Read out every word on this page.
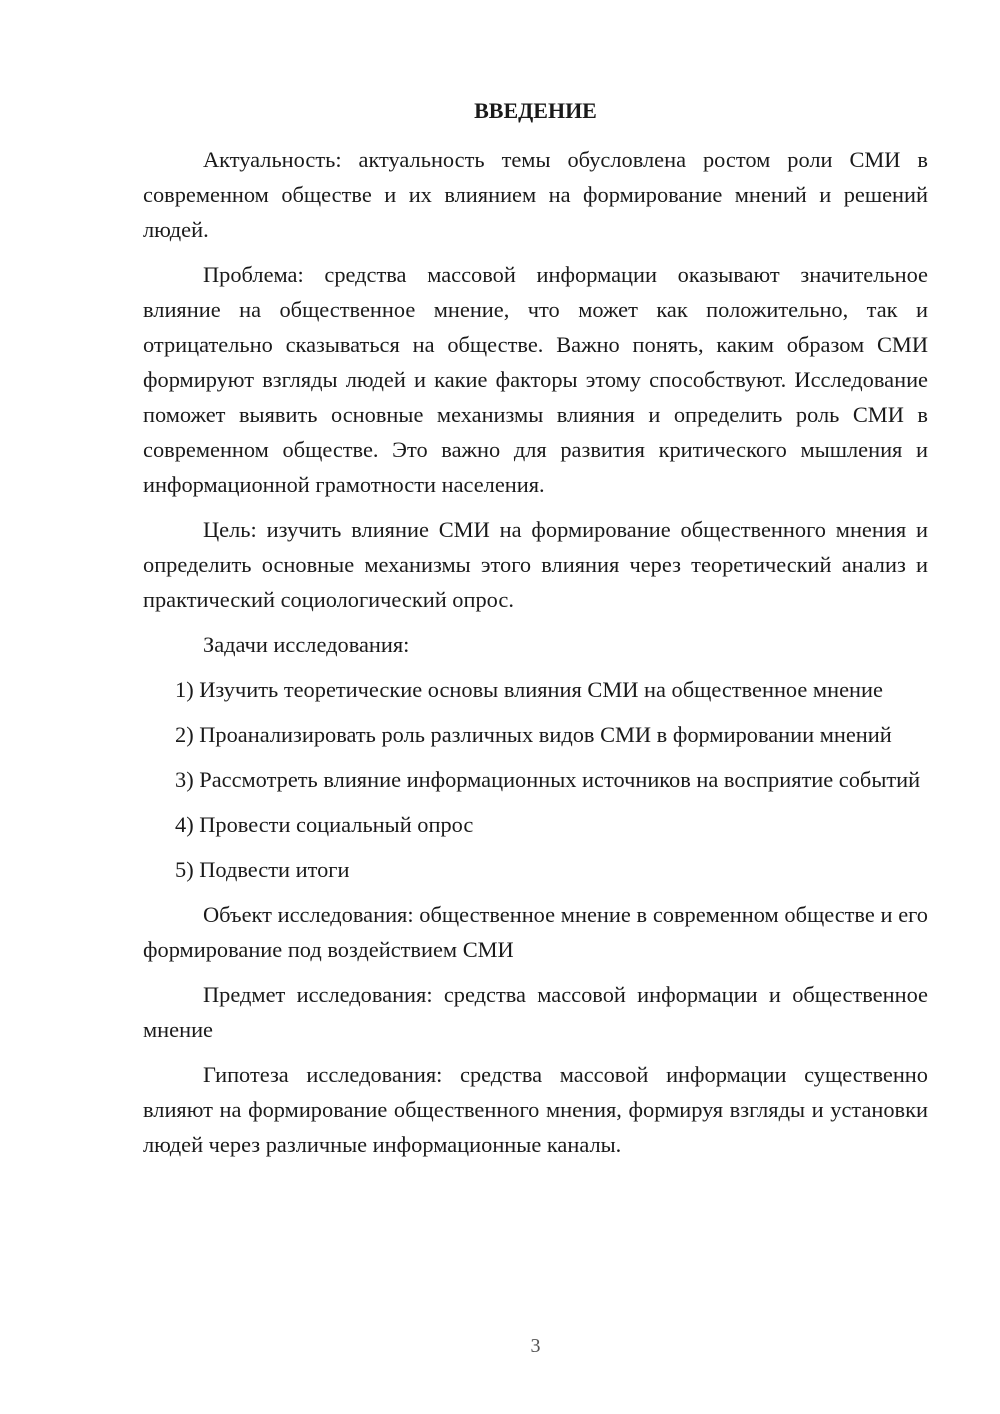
ВВЕДЕНИЕ

Актуальность: актуальность темы обусловлена ростом роли СМИ в современном обществе и их влиянием на формирование мнений и решений людей.

Проблема: средства массовой информации оказывают значительное влияние на общественное мнение, что может как положительно, так и отрицательно сказываться на обществе. Важно понять, каким образом СМИ формируют взгляды людей и какие факторы этому способствуют. Исследование поможет выявить основные механизмы влияния и определить роль СМИ в современном обществе. Это важно для развития критического мышления и информационной грамотности населения.

Цель: изучить влияние СМИ на формирование общественного мнения и определить основные механизмы этого влияния через теоретический анализ и практический социологический опрос.

Задачи исследования:

1) Изучить теоретические основы влияния СМИ на общественное мнение

2) Проанализировать роль различных видов СМИ в формировании мнений

3) Рассмотреть влияние информационных источников на восприятие событий

4) Провести социальный опрос

5) Подвести итоги

Объект исследования: общественное мнение в современном обществе и его формирование под воздействием СМИ

Предмет исследования: средства массовой информации и общественное мнение

Гипотеза исследования: средства массовой информации существенно влияют на формирование общественного мнения, формируя взгляды и установки людей через различные информационные каналы.

3
